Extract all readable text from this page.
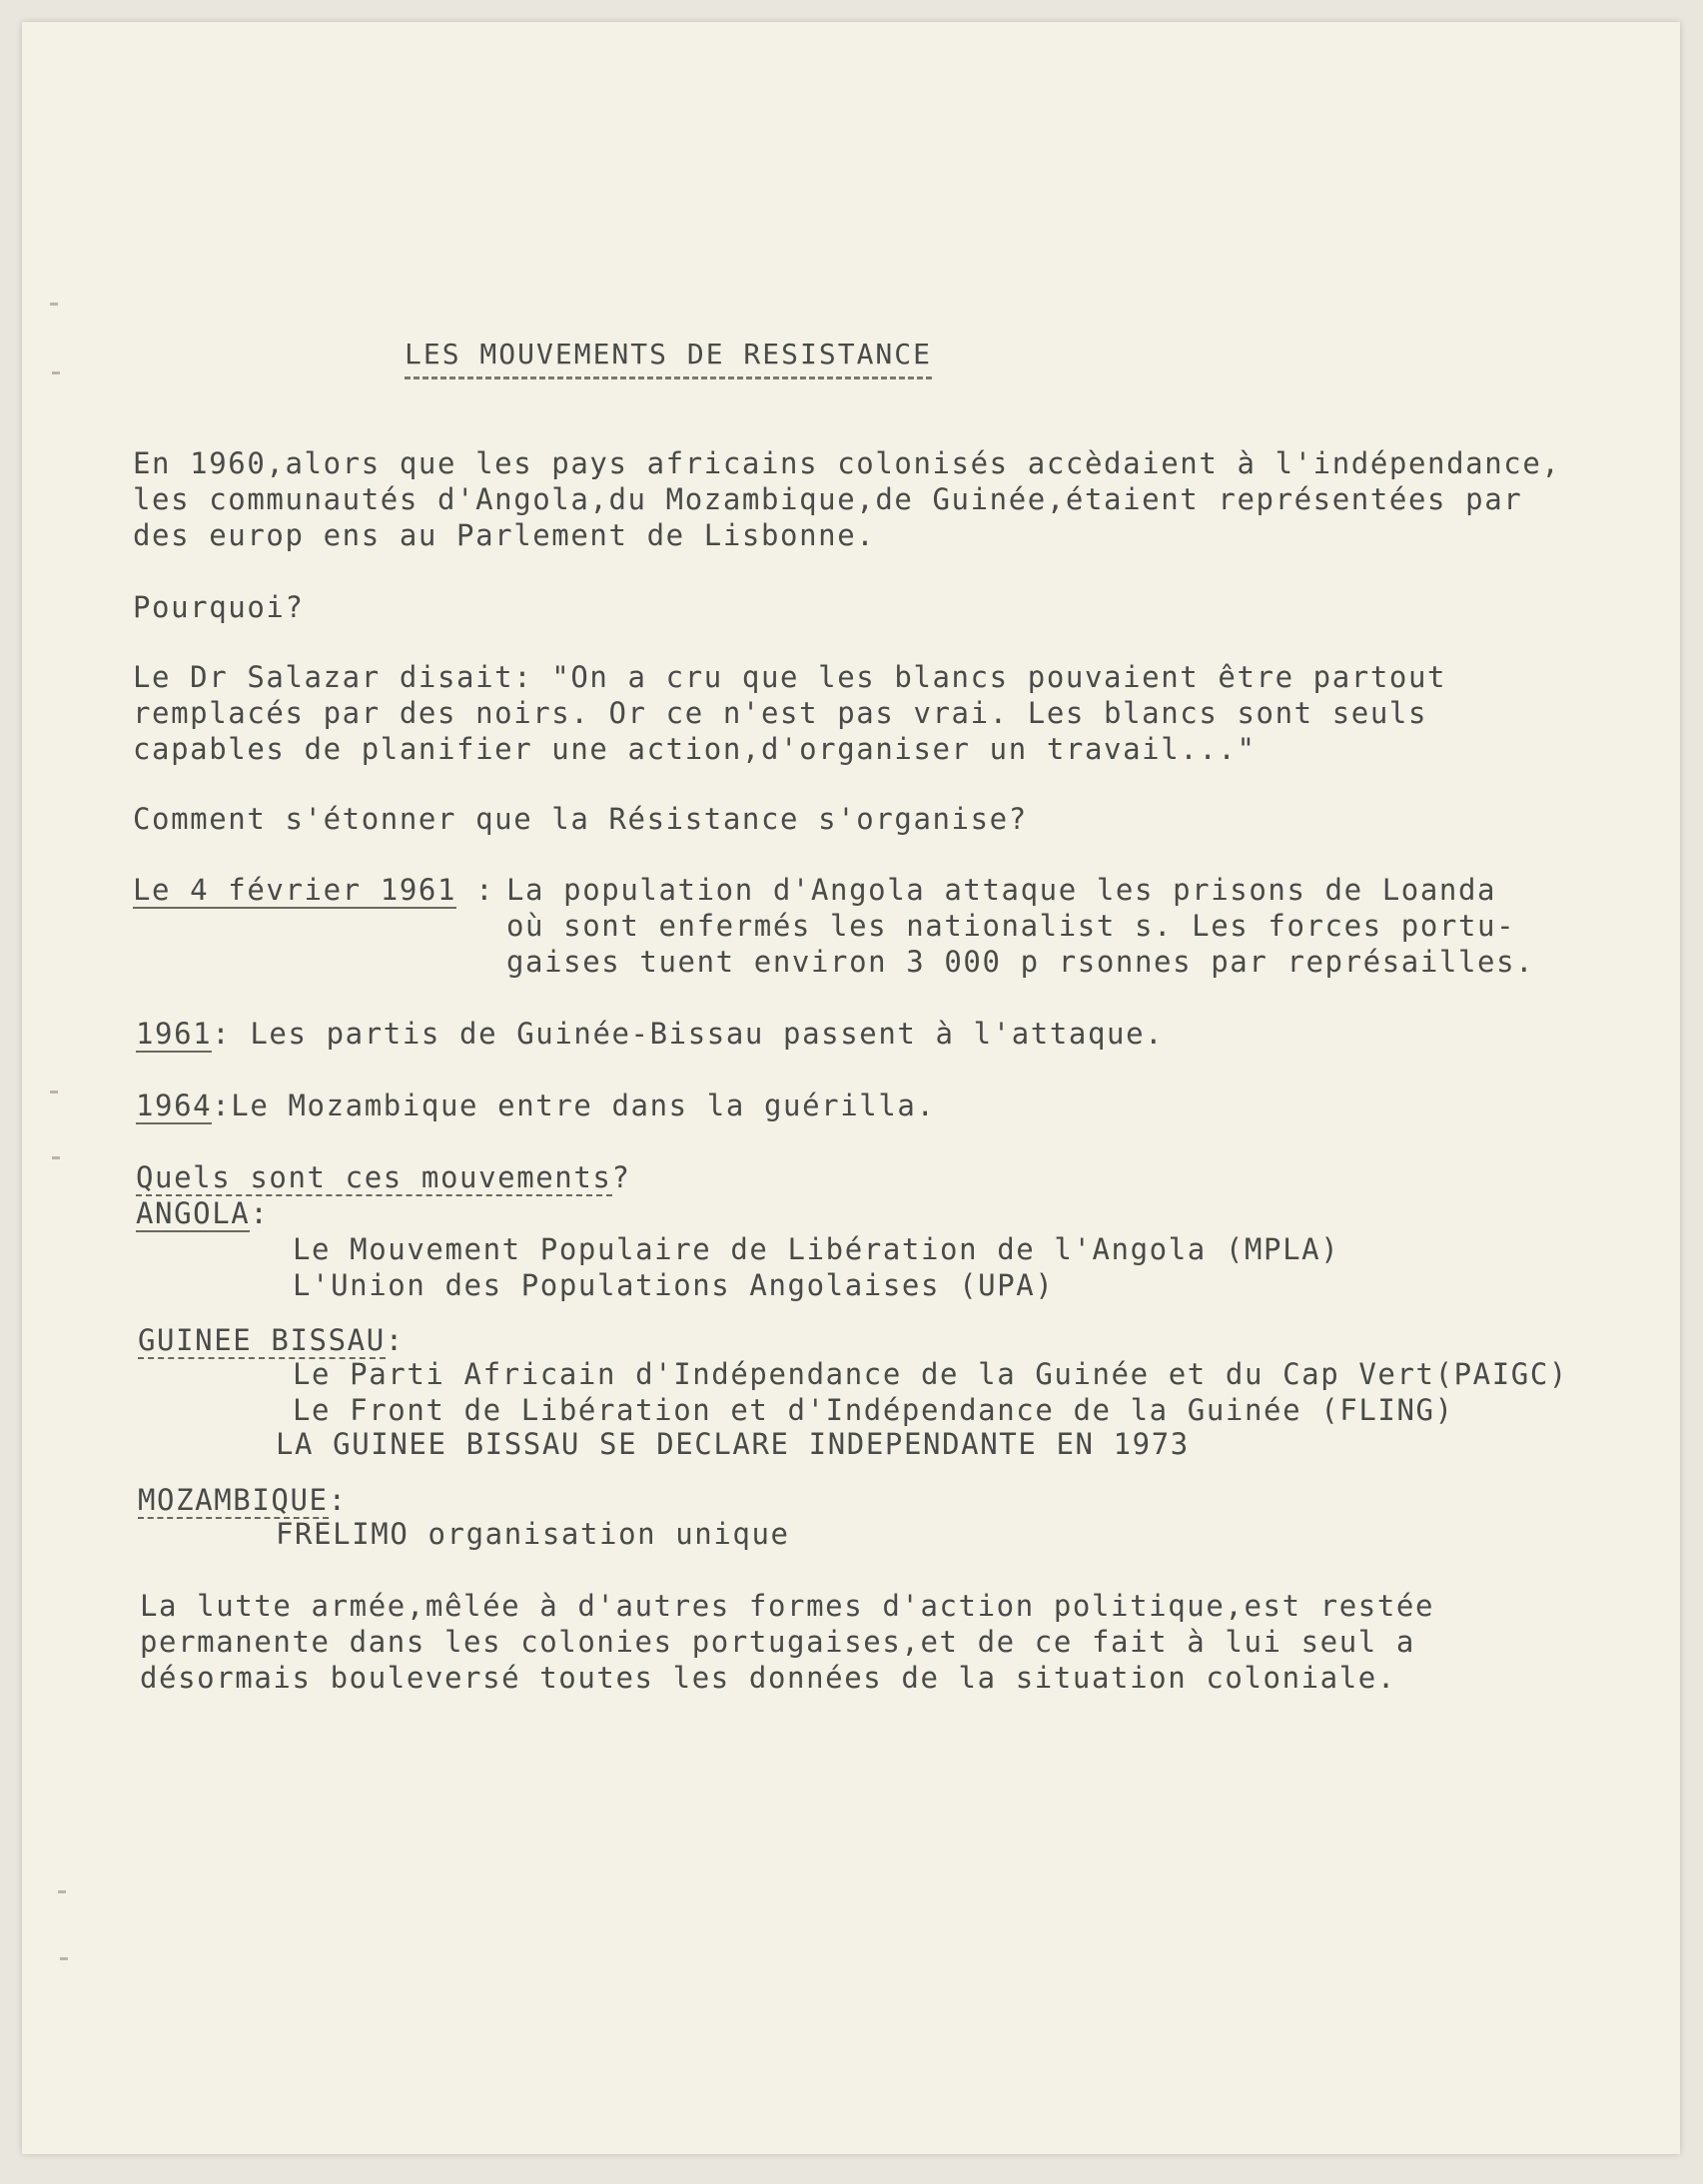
LES MOUVEMENTS DE RESISTANCE
En 1960,alors que les pays africains colonisés accèdaient à l'indépendance,
les communautés d'Angola,du Mozambique,de Guinée,étaient représentées par
des europ ens au Parlement de Lisbonne.
Pourquoi?
Le Dr Salazar disait: "On a cru que les blancs pouvaient être partout
remplacés par des noirs. Or ce n'est pas vrai. Les blancs sont seuls
capables de planifier une action,d'organiser un travail..."
Comment s'étonner que la Résistance s'organise?
Le 4 février 1961 : La population d'Angola attaque les prisons de Loanda
où sont enfermés les nationalist s. Les forces portu-
gaises tuent environ 3 000 p rsonnes par représailles.
1961: Les partis de Guinée-Bissau passent à l'attaque.
1964:Le Mozambique entre dans la guérilla.
Quels sont ces mouvements?
ANGOLA:
Le Mouvement Populaire de Libération de l'Angola (MPLA)
L'Union des Populations Angolaises (UPA)
GUINEE BISSAU:
Le Parti Africain d'Indépendance de la Guinée et du Cap Vert(PAIGC)
Le Front de Libération et d'Indépendance de la Guinée (FLING)
LA GUINEE BISSAU SE DECLARE INDEPENDANTE EN 1973
MOZAMBIQUE:
FRELIMO organisation unique
La lutte armée,mêlée à d'autres formes d'action politique,est restée
permanente dans les colonies portugaises,et de ce fait à lui seul a
désormais bouleversé toutes les données de la situation coloniale.
